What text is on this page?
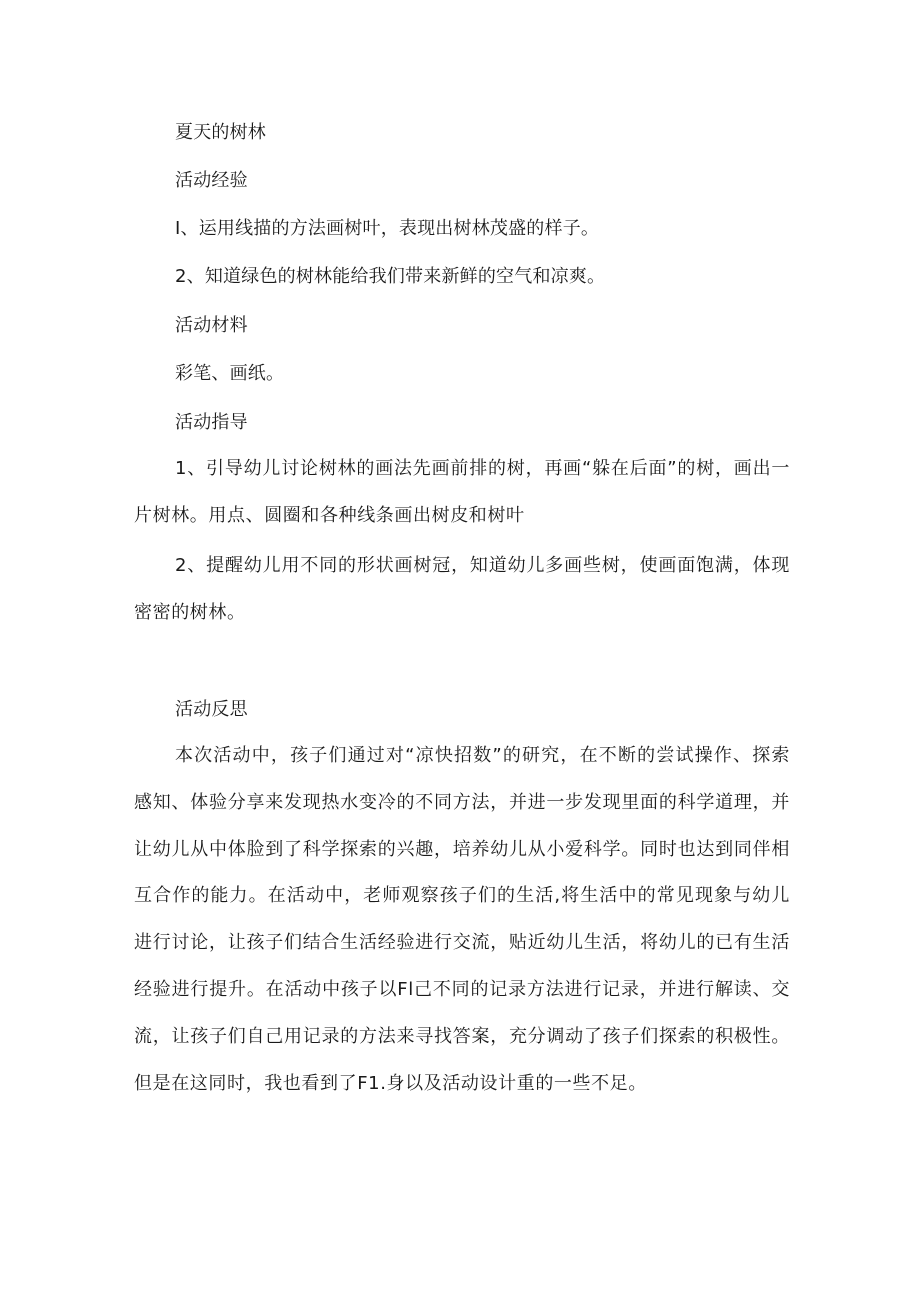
夏天的树林
活动经验
I、运用线描的方法画树叶，表现出树林茂盛的样子。
2、知道绿色的树林能给我们带来新鲜的空气和凉爽。
活动材料
彩笔、画纸。
活动指导
1、引导幼儿讨论树林的画法先画前排的树，再画“躲在后面”的树，画出一片树林。用点、圆圈和各种线条画出树皮和树叶
2、提醒幼儿用不同的形状画树冠，知道幼儿多画些树，使画面饱满，体现密密的树林。
活动反思
本次活动中，孩子们通过对“凉快招数”的研究，在不断的尝试操作、探索感知、体验分享来发现热水变冷的不同方法，并进一步发现里面的科学道理，并让幼儿从中体脸到了科学探索的兴趣，培养幼儿从小爱科学。同时也达到同伴相互合作的能力。在活动中，老师观察孩子们的生活,将生活中的常见现象与幼儿进行讨论，让孩子们结合生活经验进行交流，贴近幼儿生活，将幼儿的已有生活经验进行提升。在活动中孩子以Fl己不同的记录方法进行记录，并进行解读、交流，让孩子们自己用记录的方法来寻找答案，充分调动了孩子们探索的积极性。但是在这同时，我也看到了F1.身以及活动设计重的一些不足。
